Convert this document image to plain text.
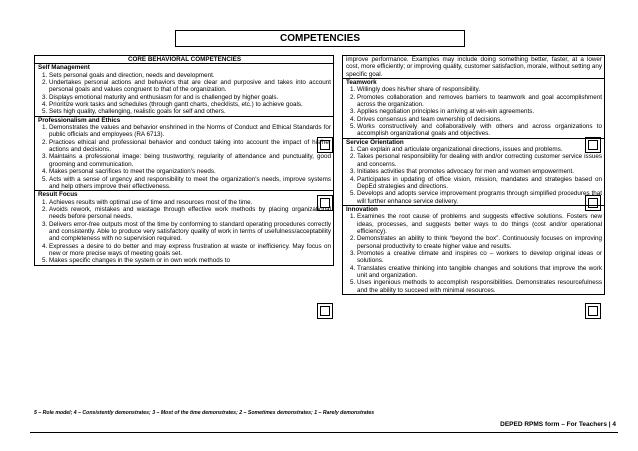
COMPETENCIES
CORE BEHAVIORAL COMPETENCIES

Self Management
1. Sets personal goals and direction, needs and development.
2. Undertakes personal actions and behaviors that are clear and purposive and takes into account personal goals and values congruent to that of the organization.
3. Displays emotional maturity and enthusiasm for and is challenged by higher goals.
4. Prioritize work tasks and schedules (through gantt charts, checklists, etc.) to achieve goals.
5. Sets high quality, challenging, realistic goals for self and others.

Professionalism and Ethics
1. Demonstrates the values and behavior enshrined in the Norms of Conduct and Ethical Standards for public officials and employees (RA 6713).
2. Practices ethical and professional behavior and conduct taking into account the impact of his/her actions and decisions.
3. Maintains a professional image: being trustworthy, regularity of attendance and punctuality, good grooming and communication.
4. Makes personal sacrifices to meet the organization's needs.
5. Acts with a sense of urgency and responsibility to meet the organization's needs, improve systems and help others improve their effectiveness.

Result Focus
1. Achieves results with optimal use of time and resources most of the time.
2. Avoids rework, mistakes and wastage through effective work methods by placing organizational needs before personal needs.
3. Delivers error-free outputs most of the time by conforming to standard operating procedures correctly and consistently. Able to produce very satisfactory quality of work in terms of usefulness/acceptability and completeness with no supervision required.
4. Expresses a desire to do better and may express frustration at waste or inefficiency. May focus on new or more precise ways of meeting goals set.
5. Makes specific changes in the system or in own work methods to
improve performance. Examples may include doing something better, faster, at a lower cost, more efficiently; or improving quality, customer satisfaction, morale, without setting any specific goal.

Teamwork
1. Willingly does his/her share of responsibility.
2. Promotes collaboration and removes barriers to teamwork and goal accomplishment across the organization.
3. Applies negotiation principles in arriving at win-win agreements.
4. Drives consensus and team ownership of decisions.
5. Works constructively and collaboratively with others and across organizations to accomplish organizational goals and objectives.

Service Orientation
1. Can explain and articulate organizational directions, issues and problems.
2. Takes personal responsibility for dealing with and/or correcting customer service issues and concerns.
3. Initiates activities that promotes advocacy for men and women empowerment.
4. Participates in updating of office vision, mission, mandates and strategies based on DepEd strategies and directions.
5. Develops and adopts service improvement programs through simplified procedures that will further enhance service delivery.

Innovation
1. Examines the root cause of problems and suggests effective solutions. Fosters new ideas, processes, and suggests better ways to do things (cost and/or operational efficiency).
2. Demonstrates an ability to think “beyond the box”. Continuously focuses on improving personal productivity to create higher value and results.
3. Promotes a creative climate and inspires co – workers to develop original ideas or solutions.
4. Translates creative thinking into tangible changes and solutions that improve the work unit and organization.
5. Uses ingenious methods to accomplish responsibilities. Demonstrates resourcefulness and the ability to succeed with minimal resources.
5 – Role model; 4 – Consistently demonstrates; 3 – Most of the time demonstrates; 2 – Sometimes demonstrates; 1 – Rarely demonstrates
DEPED RPMS form – For Teachers | 4
